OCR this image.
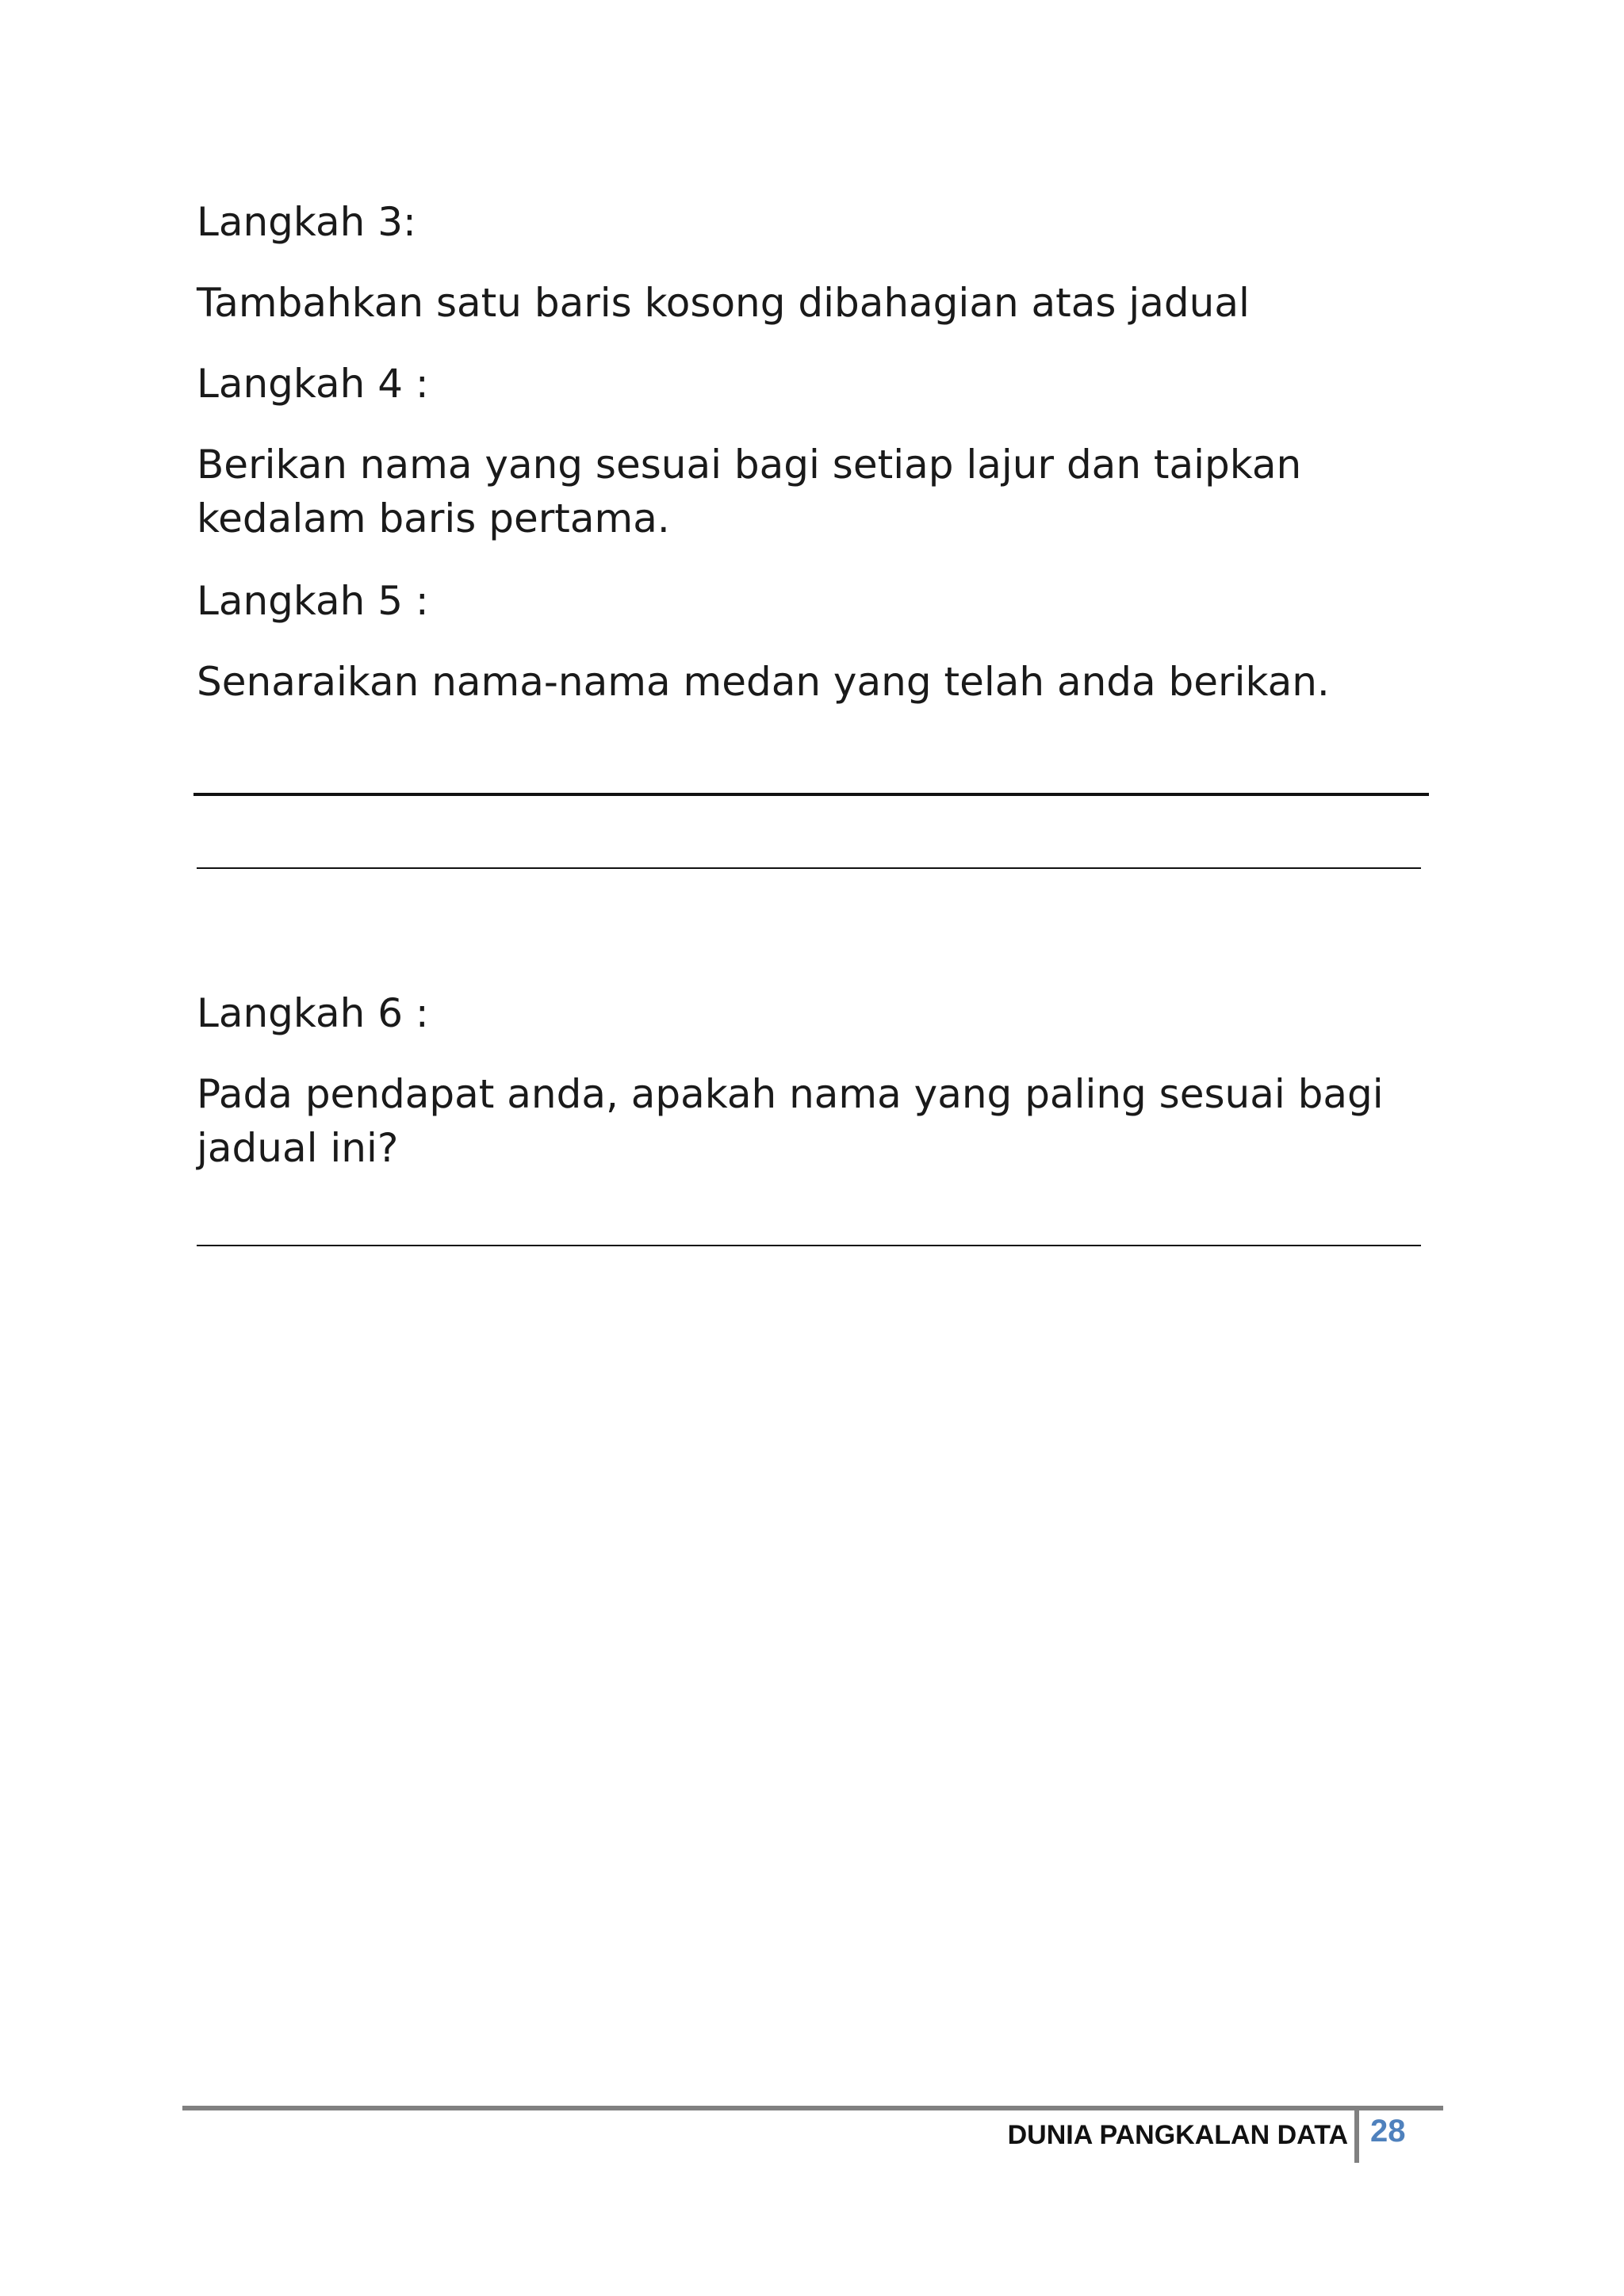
Langkah 3:

Tambahkan satu baris kosong dibahagian atas jadual

Langkah 4 :

Berikan nama yang sesuai bagi setiap lajur dan taipkan kedalam baris pertama.

Langkah 5 :

Senaraikan nama-nama medan yang telah anda berikan.

Langkah 6 :

Pada pendapat anda, apakah nama yang paling sesuai bagi jadual ini?

DUNIA PANGKALAN DATA 28
